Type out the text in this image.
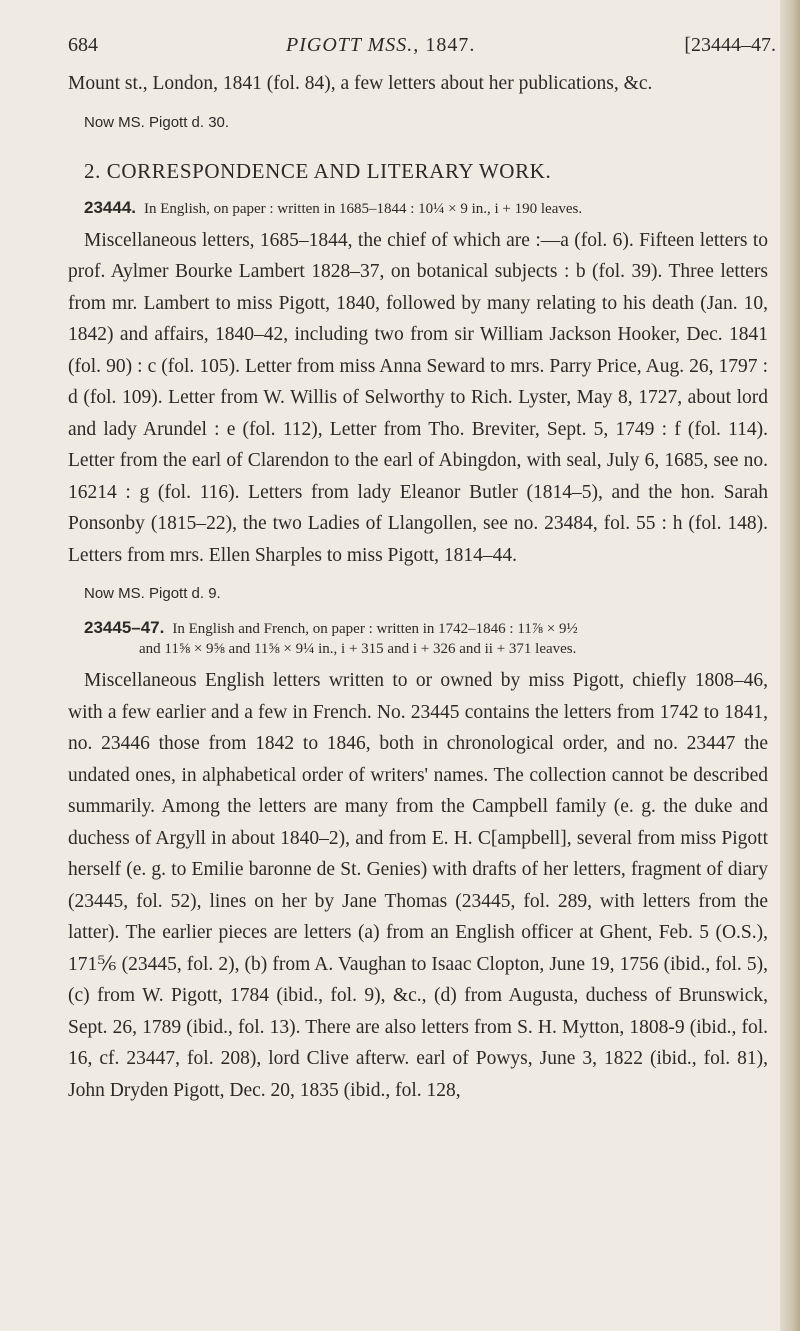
684	PIGOTT MSS., 1847.	[23444–47.

Mount st., London, 1841 (fol. 84), a few letters about her publications, &c.

Now MS. Pigott d. 30.

2. CORRESPONDENCE AND LITERARY WORK.

23444. In English, on paper : written in 1685–1844 : 10¼ × 9 in., i + 190 leaves.

Miscellaneous letters, 1685–1844, the chief of which are :—a (fol. 6). Fifteen letters to prof. Aylmer Bourke Lambert 1828–37, on botanical subjects : b (fol. 39). Three letters from mr. Lambert to miss Pigott, 1840, followed by many relating to his death (Jan. 10, 1842) and affairs, 1840–42, including two from sir William Jackson Hooker, Dec. 1841 (fol. 90) : c (fol. 105). Letter from miss Anna Seward to mrs. Parry Price, Aug. 26, 1797 : d (fol. 109). Letter from W. Willis of Selworthy to Rich. Lyster, May 8, 1727, about lord and lady Arundel : e (fol. 112), Letter from Tho. Breviter, Sept. 5, 1749 : f (fol. 114). Letter from the earl of Clarendon to the earl of Abingdon, with seal, July 6, 1685, see no. 16214 : g (fol. 116). Letters from lady Eleanor Butler (1814–5), and the hon. Sarah Ponsonby (1815–22), the two Ladies of Llangollen, see no. 23484, fol. 55 : h (fol. 148). Letters from mrs. Ellen Sharples to miss Pigott, 1814–44.

Now MS. Pigott d. 9.

23445–47. In English and French, on paper : written in 1742–1846 : 11⅞ × 9½
and 11⅝ × 9⅝ and 11⅝ × 9¼ in., i + 315 and i + 326 and ii + 371 leaves.

Miscellaneous English letters written to or owned by miss Pigott, chiefly 1808–46, with a few earlier and a few in French. No. 23445 contains the letters from 1742 to 1841, no. 23446 those from 1842 to 1846, both in chronological order, and no. 23447 the undated ones, in alphabetical order of writers' names. The collection cannot be described summarily. Among the letters are many from the Campbell family (e. g. the duke and duchess of Argyll in about 1840–2), and from E. H. C[ampbell], several from miss Pigott herself (e. g. to Emilie baronne de St. Genies) with drafts of her letters, fragment of diary (23445, fol. 52), lines on her by Jane Thomas (23445, fol. 289, with letters from the latter). The earlier pieces are letters (a) from an English officer at Ghent, Feb. 5 (O.S.), 171⅚ (23445, fol. 2), (b) from A. Vaughan to Isaac Clopton, June 19, 1756 (ibid., fol. 5), (c) from W. Pigott, 1784 (ibid., fol. 9), &c., (d) from Augusta, duchess of Brunswick, Sept. 26, 1789 (ibid., fol. 13). There are also letters from S. H. Mytton, 1808-9 (ibid., fol. 16, cf. 23447, fol. 208), lord Clive afterw. earl of Powys, June 3, 1822 (ibid., fol. 81), John Dryden Pigott, Dec. 20, 1835 (ibid., fol. 128,
